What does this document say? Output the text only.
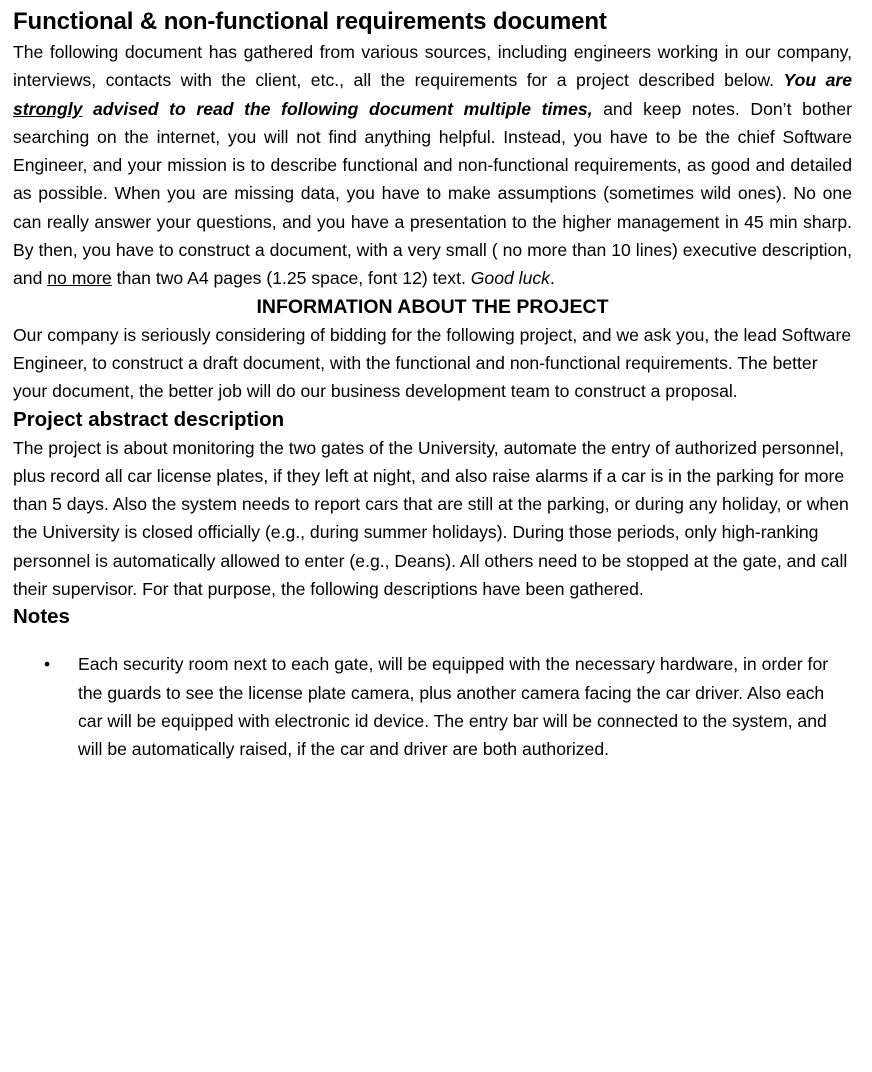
Functional & non-functional requirements document

The following document has gathered from various sources, including engineers working in our company, interviews, contacts with the client, etc., all the requirements for a project described below. You are strongly advised to read the following document multiple times, and keep notes. Don’t bother searching on the internet, you will not find anything helpful. Instead, you have to be the chief Software Engineer, and your mission is to describe functional and non-functional requirements, as good and detailed as possible. When you are missing data, you have to make assumptions (sometimes wild ones). No one can really answer your questions, and you have a presentation to the higher management in 45 min sharp. By then, you have to construct a document, with a very small ( no more than 10 lines) executive description, and no more than two A4 pages (1.25 space, font 12) text. Good luck.

INFORMATION ABOUT THE PROJECT

Our company is seriously considering of bidding for the following project, and we ask you, the lead Software Engineer, to construct a draft document, with the functional and non-functional requirements. The better your document, the better job will do our business development team to construct a proposal.

Project abstract description

The project is about monitoring the two gates of the University, automate the entry of authorized personnel, plus record all car license plates, if they left at night, and also raise alarms if a car is in the parking for more than 5 days. Also the system needs to report cars that are still at the parking, or during any holiday, or when the University is closed officially (e.g., during summer holidays). During those periods, only high-ranking personnel is automatically allowed to enter (e.g., Deans). All others need to be stopped at the gate, and call their supervisor. For that purpose, the following descriptions have been gathered.

Notes
• Each security room next to each gate, will be equipped with the necessary hardware, in order for the guards to see the license plate camera, plus another camera facing the car driver. Also each car will be equipped with electronic id device. The entry bar will be connected to the system, and will be automatically raised, if the car and driver are both authorized.
